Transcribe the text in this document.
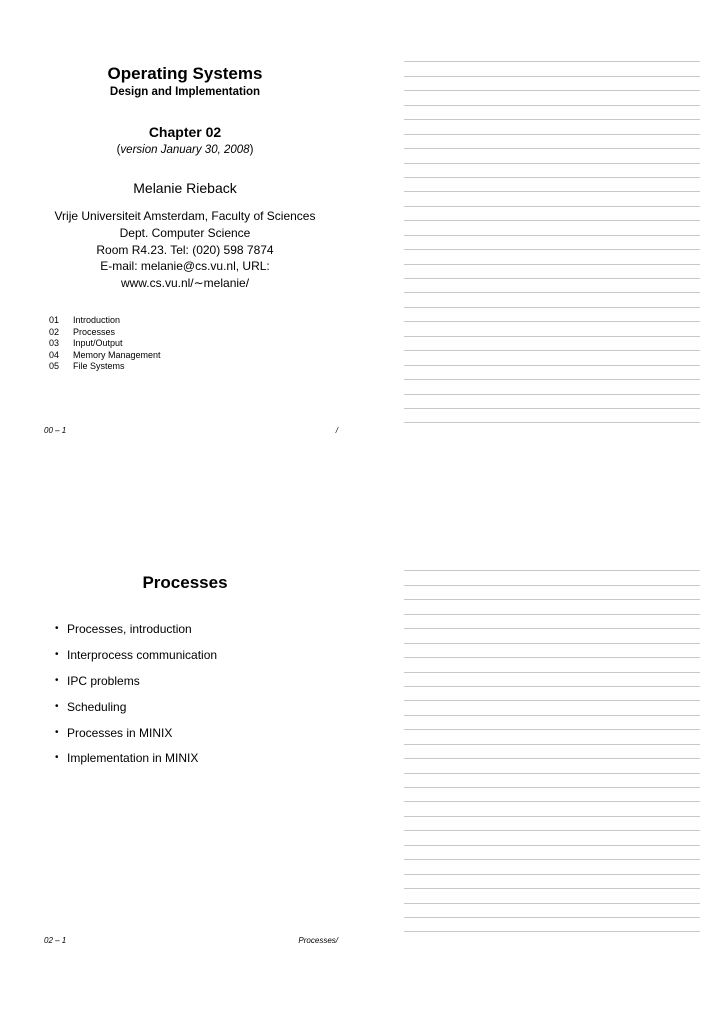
Operating Systems
Design and Implementation
Chapter 02
(version January 30, 2008)
Melanie Rieback
Vrije Universiteit Amsterdam, Faculty of Sciences
Dept. Computer Science
Room R4.23. Tel: (020) 598 7874
E-mail: melanie@cs.vu.nl, URL:
www.cs.vu.nl/∼melanie/
01	Introduction
02	Processes
03	Input/Output
04	Memory Management
05	File Systems
00 – 1	/
Processes
• Processes, introduction
• Interprocess communication
• IPC problems
• Scheduling
• Processes in MINIX
• Implementation in MINIX
02 – 1	Processes/
